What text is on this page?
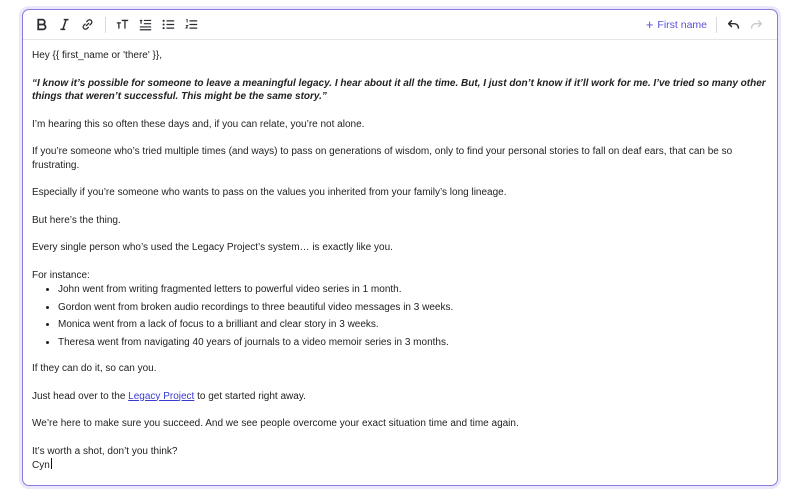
+ First name

Hey {{ first_name or 'there' }},

“I know it’s possible for someone to leave a meaningful legacy. I hear about it all the time. But, I just don’t know if it’ll work for me. I’ve tried so many other things that weren’t successful. This might be the same story.”

I’m hearing this so often these days and, if you can relate, you’re not alone.

If you’re someone who’s tried multiple times (and ways) to pass on generations of wisdom, only to find your personal stories to fall on deaf ears, that can be so frustrating.

Especially if you’re someone who wants to pass on the values you inherited from your family’s long lineage.

But here’s the thing.

Every single person who’s used the Legacy Project’s system… is exactly like you.

For instance:

• John went from writing fragmented letters to powerful video series in 1 month.
• Gordon went from broken audio recordings to three beautiful video messages in 3 weeks.
• Monica went from a lack of focus to a brilliant and clear story in 3 weeks.
• Theresa went from navigating 40 years of journals to a video memoir series in 3 months.

If they can do it, so can you.

Just head over to the Legacy Project to get started right away.

We’re here to make sure you succeed. And we see people overcome your exact situation time and time again.

It’s worth a shot, don’t you think?

Cyn
